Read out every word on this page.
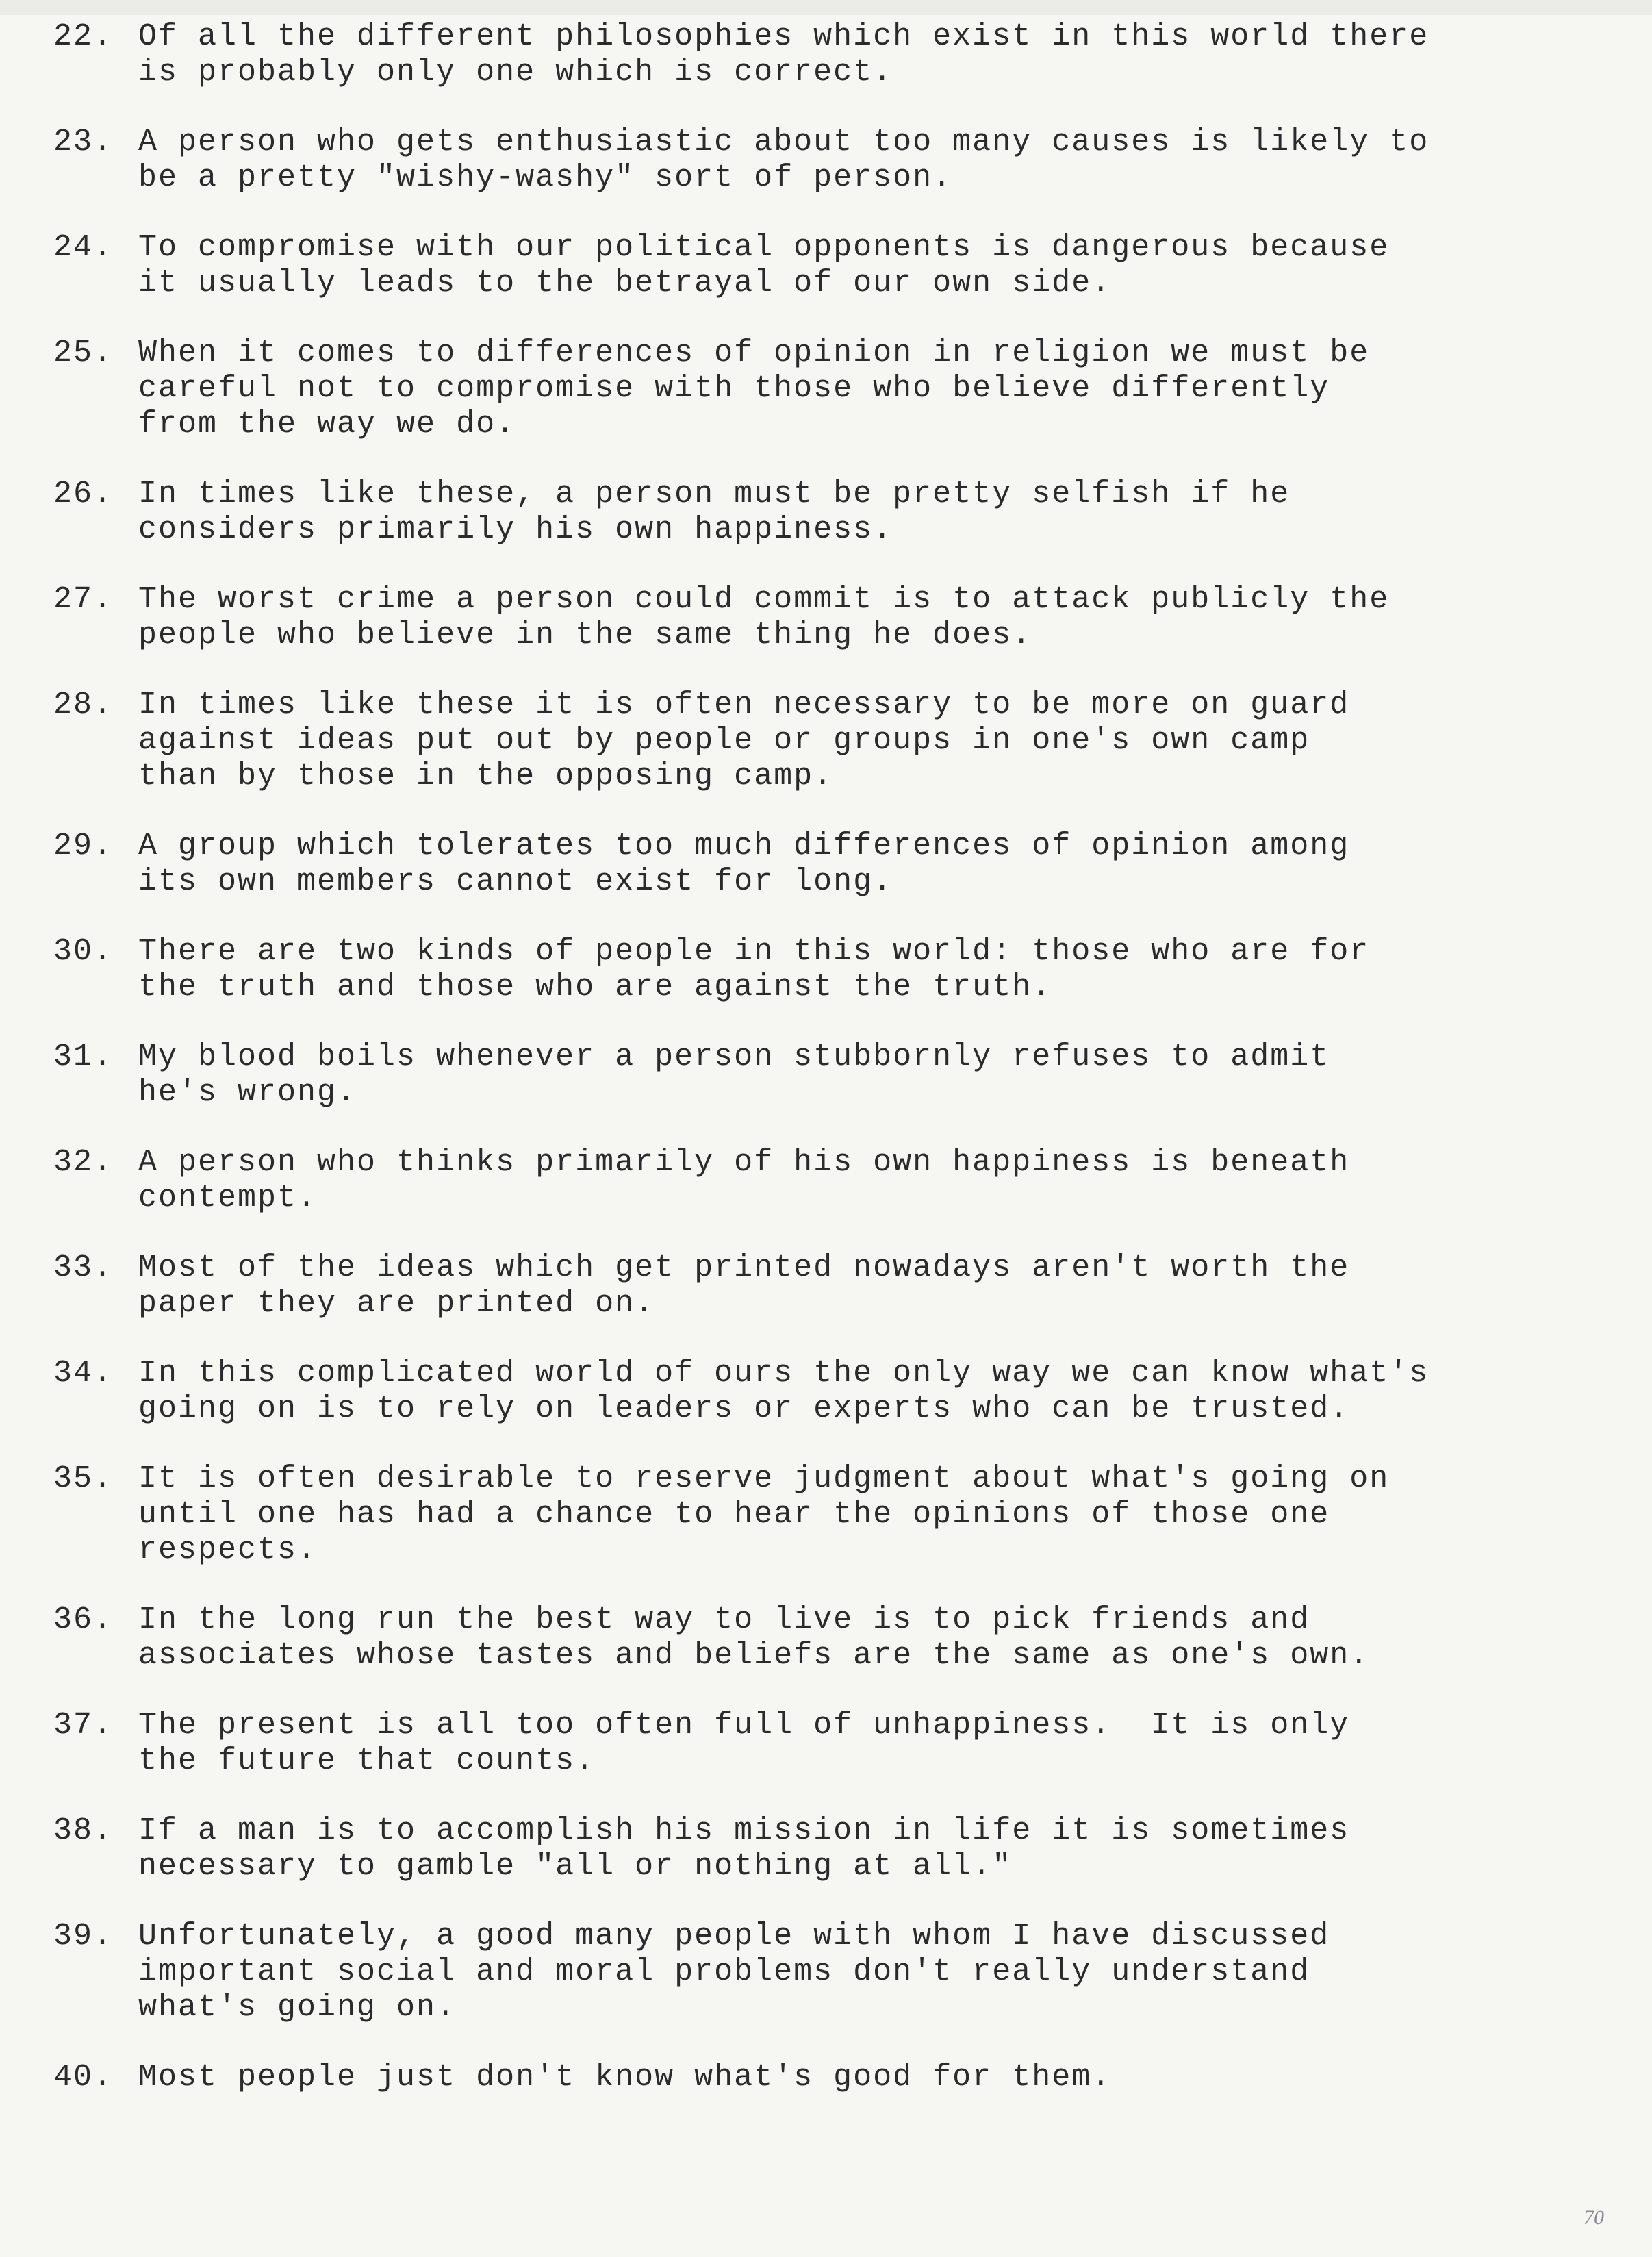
22. Of all the different philosophies which exist in this world there
is probably only one which is correct.
23. A person who gets enthusiastic about too many causes is likely to
be a pretty "wishy-washy" sort of person.
24. To compromise with our political opponents is dangerous because
it usually leads to the betrayal of our own side.
25. When it comes to differences of opinion in religion we must be
careful not to compromise with those who believe differently
from the way we do.
26. In times like these, a person must be pretty selfish if he
considers primarily his own happiness.
27. The worst crime a person could commit is to attack publicly the
people who believe in the same thing he does.
28. In times like these it is often necessary to be more on guard
against ideas put out by people or groups in one's own camp
than by those in the opposing camp.
29. A group which tolerates too much differences of opinion among
its own members cannot exist for long.
30. There are two kinds of people in this world: those who are for
the truth and those who are against the truth.
31. My blood boils whenever a person stubbornly refuses to admit
he's wrong.
32. A person who thinks primarily of his own happiness is beneath
contempt.
33. Most of the ideas which get printed nowadays aren't worth the
paper they are printed on.
34. In this complicated world of ours the only way we can know what's
going on is to rely on leaders or experts who can be trusted.
35. It is often desirable to reserve judgment about what's going on
until one has had a chance to hear the opinions of those one
respects.
36. In the long run the best way to live is to pick friends and
associates whose tastes and beliefs are the same as one's own.
37. The present is all too often full of unhappiness.  It is only
the future that counts.
38. If a man is to accomplish his mission in life it is sometimes
necessary to gamble "all or nothing at all."
39. Unfortunately, a good many people with whom I have discussed
important social and moral problems don't really understand
what's going on.
40. Most people just don't know what's good for them.
70
